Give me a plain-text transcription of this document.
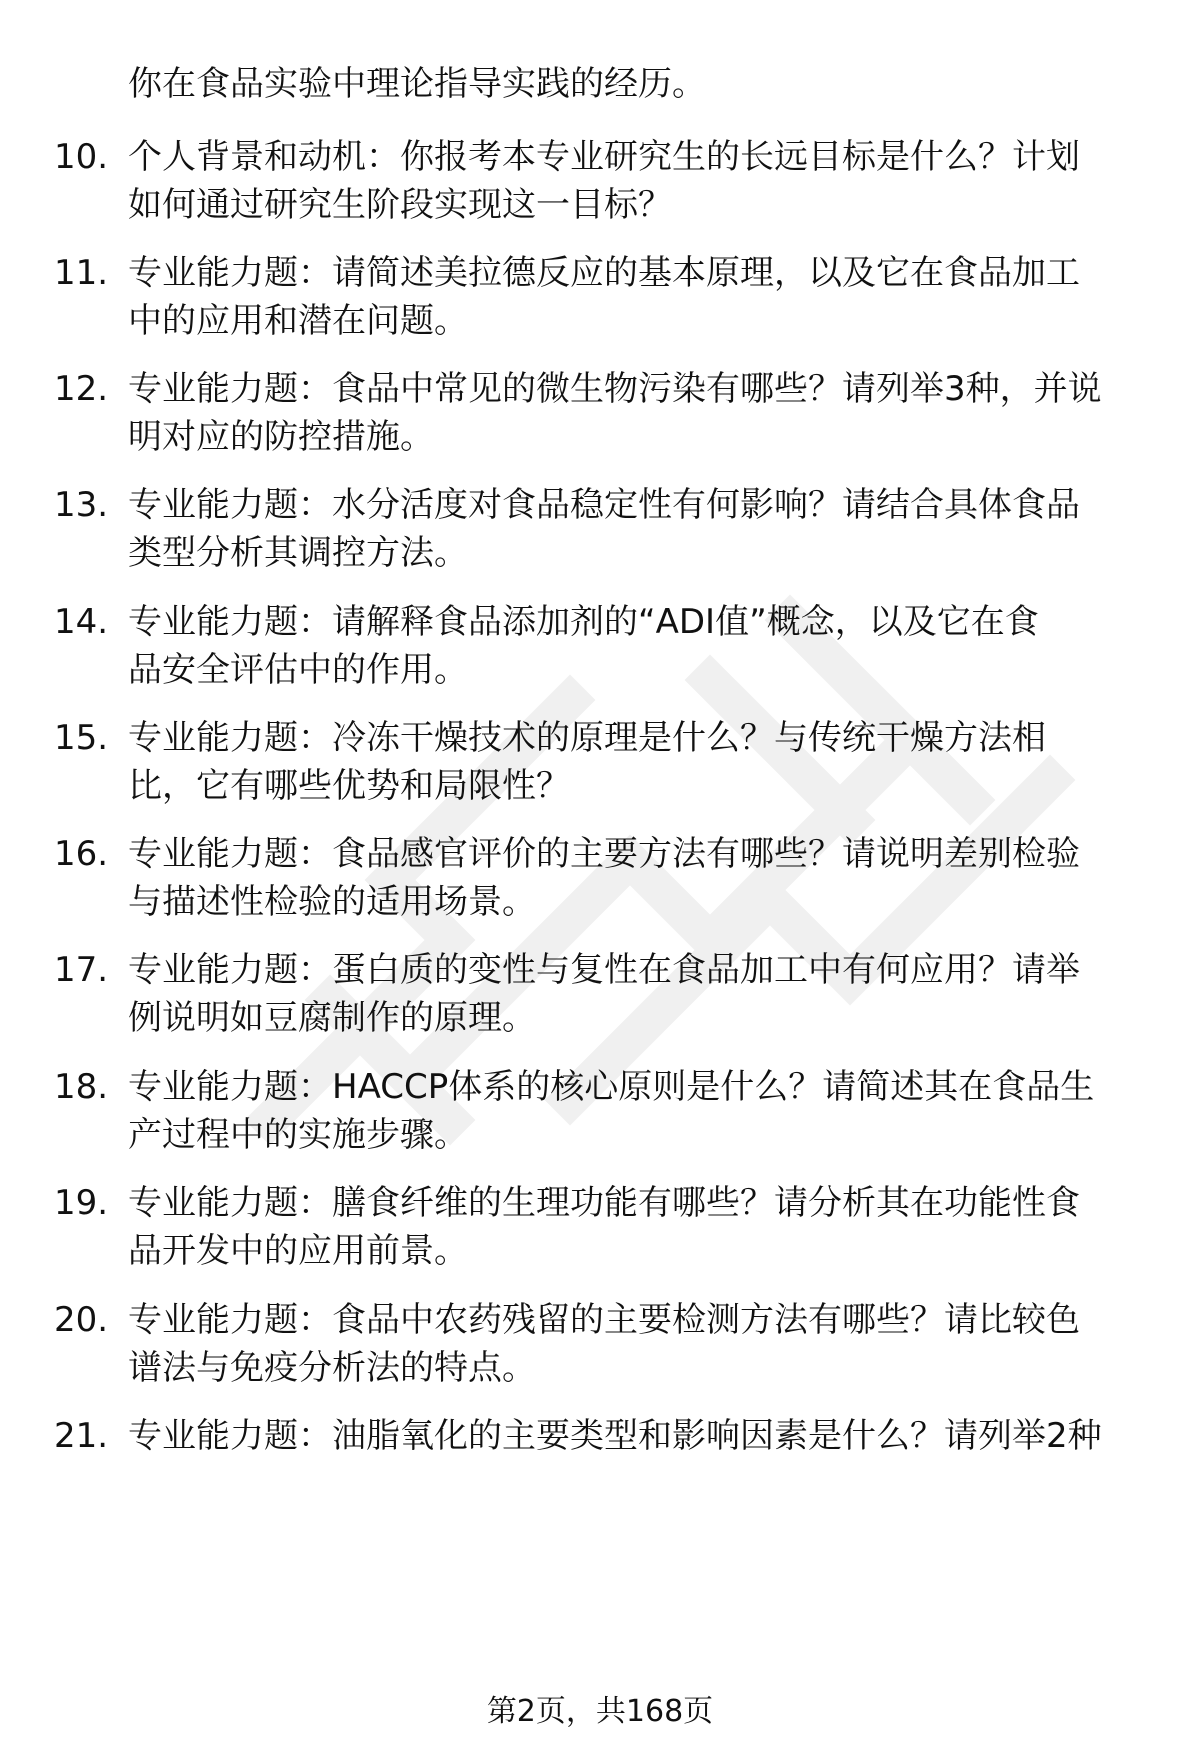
你在食品实验中理论指导实践的经历。
10. 个人背景和动机：你报考本专业研究生的长远目标是什么？计划
如何通过研究生阶段实现这一目标？
11. 专业能力题：请简述美拉德反应的基本原理，以及它在食品加工
中的应用和潜在问题。
12. 专业能力题：食品中常见的微生物污染有哪些？请列举3种，并说
明对应的防控措施。
13. 专业能力题：水分活度对食品稳定性有何影响？请结合具体食品
类型分析其调控方法。
14. 专业能力题：请解释食品添加剂的“ADI值”概念，以及它在食
品安全评估中的作用。
15. 专业能力题：冷冻干燥技术的原理是什么？与传统干燥方法相
比，它有哪些优势和局限性？
16. 专业能力题：食品感官评价的主要方法有哪些？请说明差别检验
与描述性检验的适用场景。
17. 专业能力题：蛋白质的变性与复性在食品加工中有何应用？请举
例说明如豆腐制作的原理。
18. 专业能力题：HACCP体系的核心原则是什么？请简述其在食品生
产过程中的实施步骤。
19. 专业能力题：膳食纤维的生理功能有哪些？请分析其在功能性食
品开发中的应用前景。
20. 专业能力题：食品中农药残留的主要检测方法有哪些？请比较色
谱法与免疫分析法的特点。
21. 专业能力题：油脂氧化的主要类型和影响因素是什么？请列举2种
第2页，共168页
